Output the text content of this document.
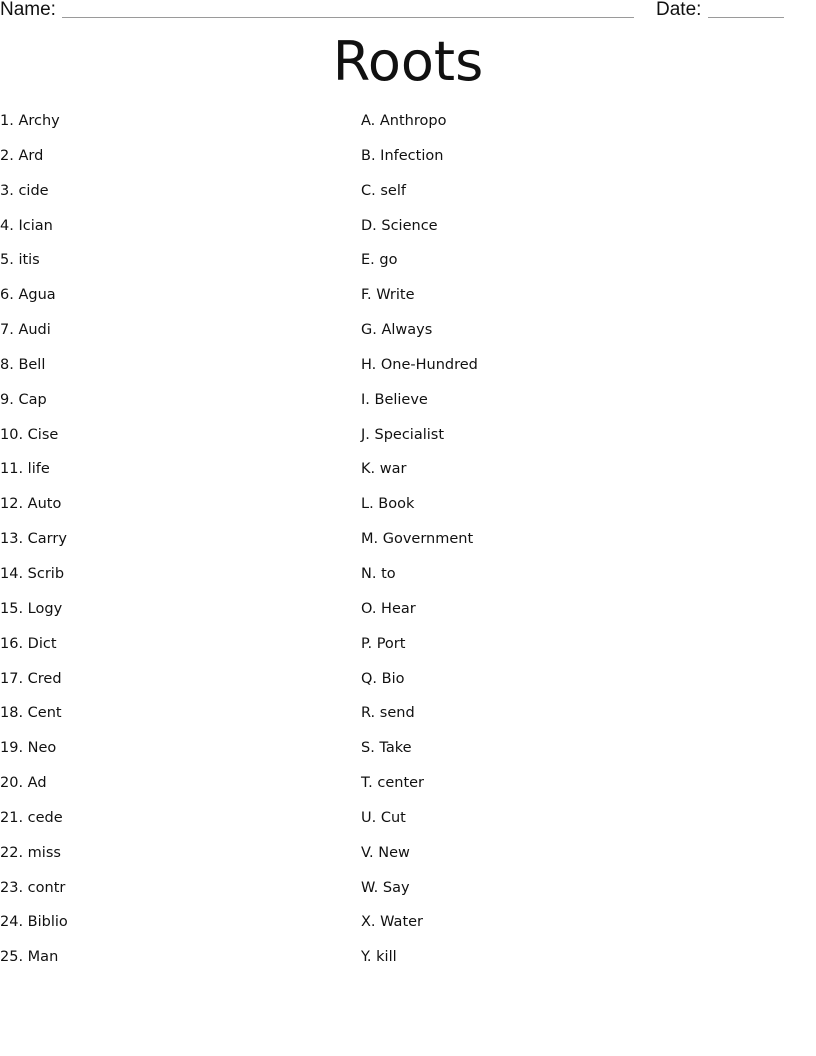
Name:	Date:
Roots
1. Archy
2. Ard
3. cide
4. Ician
5. itis
6. Agua
7. Audi
8. Bell
9. Cap
10. Cise
11. life
12. Auto
13. Carry
14. Scrib
15. Logy
16. Dict
17. Cred
18. Cent
19. Neo
20. Ad
21. cede
22. miss
23. contr
24. Biblio
25. Man
A. Anthropo
B. Infection
C. self
D. Science
E. go
F. Write
G. Always
H. One-Hundred
I. Believe
J. Specialist
K. war
L. Book
M. Government
N. to
O. Hear
P. Port
Q. Bio
R. send
S. Take
T. center
U. Cut
V. New
W. Say
X. Water
Y. kill
